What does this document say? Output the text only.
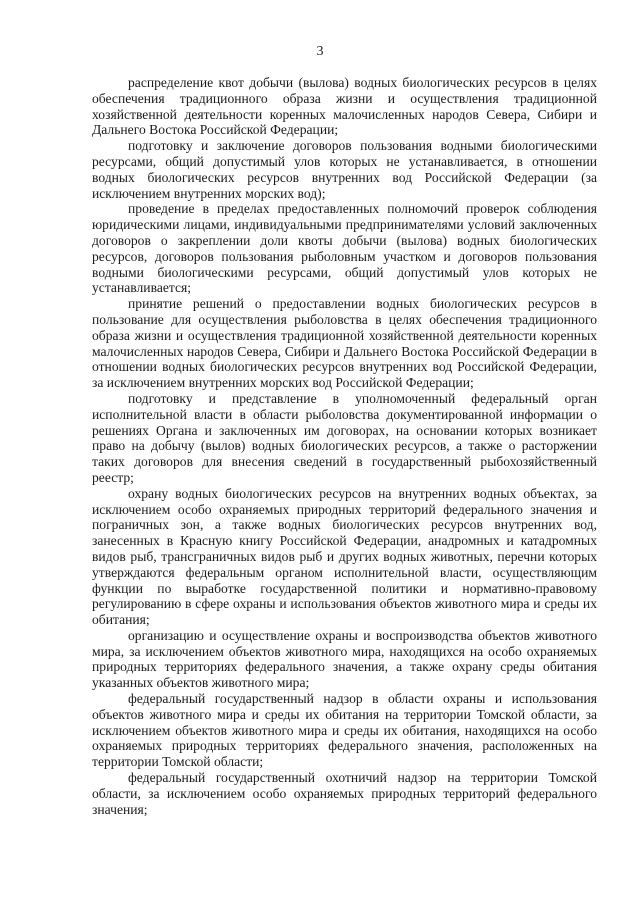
3

распределение квот добычи (вылова) водных биологических ресурсов в целях обеспечения традиционного образа жизни и осуществления традиционной хозяйственной деятельности коренных малочисленных народов Севера, Сибири и Дальнего Востока Российской Федерации;

подготовку и заключение договоров пользования водными биологическими ресурсами, общий допустимый улов которых не устанавливается, в отношении водных биологических ресурсов внутренних вод Российской Федерации (за исключением внутренних морских вод);

проведение в пределах предоставленных полномочий проверок соблюдения юридическими лицами, индивидуальными предпринимателями условий заключенных договоров о закреплении доли квоты добычи (вылова) водных биологических ресурсов, договоров пользования рыболовным участком и договоров пользования водными биологическими ресурсами, общий допустимый улов которых не устанавливается;

принятие решений о предоставлении водных биологических ресурсов в пользование для осуществления рыболовства в целях обеспечения традиционного образа жизни и осуществления традиционной хозяйственной деятельности коренных малочисленных народов Севера, Сибири и Дальнего Востока Российской Федерации в отношении водных биологических ресурсов внутренних вод Российской Федерации, за исключением внутренних морских вод Российской Федерации;

подготовку и представление в уполномоченный федеральный орган исполнительной власти в области рыболовства документированной информации о решениях Органа и заключенных им договорах, на основании которых возникает право на добычу (вылов) водных биологических ресурсов, а также о расторжении таких договоров для внесения сведений в государственный рыбохозяйственный реестр;

охрану водных биологических ресурсов на внутренних водных объектах, за исключением особо охраняемых природных территорий федерального значения и пограничных зон, а также водных биологических ресурсов внутренних вод, занесенных в Красную книгу Российской Федерации, анадромных и катадромных видов рыб, трансграничных видов рыб и других водных животных, перечни которых утверждаются федеральным органом исполнительной власти, осуществляющим функции по выработке государственной политики и нормативно-правовому регулированию в сфере охраны и использования объектов животного мира и среды их обитания;

организацию и осуществление охраны и воспроизводства объектов животного мира, за исключением объектов животного мира, находящихся на особо охраняемых природных территориях федерального значения, а также охрану среды обитания указанных объектов животного мира;

федеральный государственный надзор в области охраны и использования объектов животного мира и среды их обитания на территории Томской области, за исключением объектов животного мира и среды их обитания, находящихся на особо охраняемых природных территориях федерального значения, расположенных на территории Томской области;

федеральный государственный охотничий надзор на территории Томской области, за исключением особо охраняемых природных территорий федерального значения;
